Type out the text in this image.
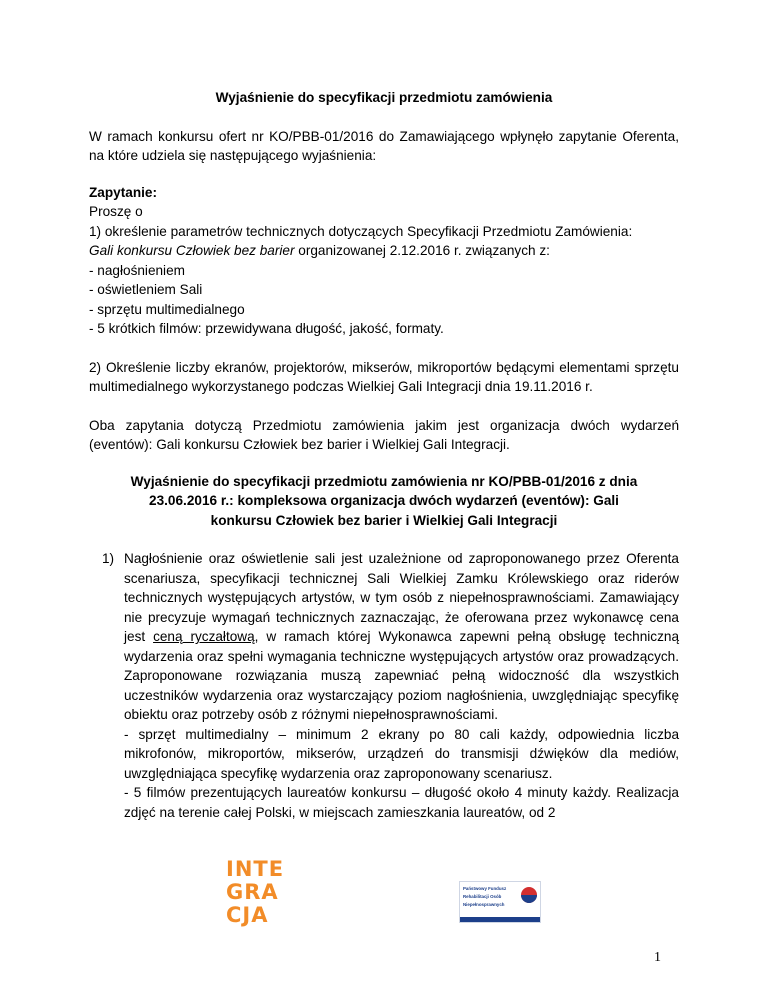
Wyjaśnienie do specyfikacji przedmiotu zamówienia

W ramach konkursu ofert nr KO/PBB-01/2016 do Zamawiającego wpłynęło zapytanie Oferenta, na które udziela się następującego wyjaśnienia:

Zapytanie:

Proszę o

1) określenie parametrów technicznych dotyczących Specyfikacji Przedmiotu Zamówienia:

Gali konkursu Człowiek bez barier organizowanej 2.12.2016 r. związanych z:

- nagłośnieniem

- oświetleniem Sali

- sprzętu multimedialnego

- 5 krótkich filmów: przewidywana długość, jakość, formaty.

2) Określenie liczby ekranów, projektorów, mikserów, mikroportów będącymi elementami sprzętu multimedialnego wykorzystanego podczas Wielkiej Gali Integracji dnia 19.11.2016 r.

Oba zapytania dotyczą Przedmiotu zamówienia jakim jest organizacja dwóch wydarzeń (eventów): Gali konkursu Człowiek bez barier i Wielkiej Gali Integracji.

Wyjaśnienie do specyfikacji przedmiotu zamówienia nr KO/PBB-01/2016 z dnia 23.06.2016 r.: kompleksowa organizacja dwóch wydarzeń (eventów): Gali konkursu Człowiek bez barier i Wielkiej Gali Integracji

1) Nagłośnienie oraz oświetlenie sali jest uzależnione od zaproponowanego przez Oferenta scenariusza, specyfikacji technicznej Sali Wielkiej Zamku Królewskiego oraz riderów technicznych występujących artystów, w tym osób z niepełnosprawnościami. Zamawiający nie precyzuje wymagań technicznych zaznaczając, że oferowana przez wykonawcę cena jest ceną ryczałtową, w ramach której Wykonawca zapewni pełną obsługę techniczną wydarzenia oraz spełni wymagania techniczne występujących artystów oraz prowadzących. Zaproponowane rozwiązania muszą zapewniać pełną widoczność dla wszystkich uczestników wydarzenia oraz wystarczający poziom nagłośnienia, uwzględniając specyfikę obiektu oraz potrzeby osób z różnymi niepełnosprawnościami.

- sprzęt multimedialny – minimum 2 ekrany po 80 cali każdy, odpowiednia liczba mikrofonów, mikroportów, mikserów, urządzeń do transmisji dźwięków dla mediów, uwzględniająca specyfikę wydarzenia oraz zaproponowany scenariusz.

- 5 filmów prezentujących laureatów konkursu – długość około 4 minuty każdy. Realizacja zdjęć na terenie całej Polski, w miejscach zamieszkania laureatów, od 2

INTE
GRA
CJA
Państwowy Fundusz
Rehabilitacji Osób
Niepełnosprawnych
1
